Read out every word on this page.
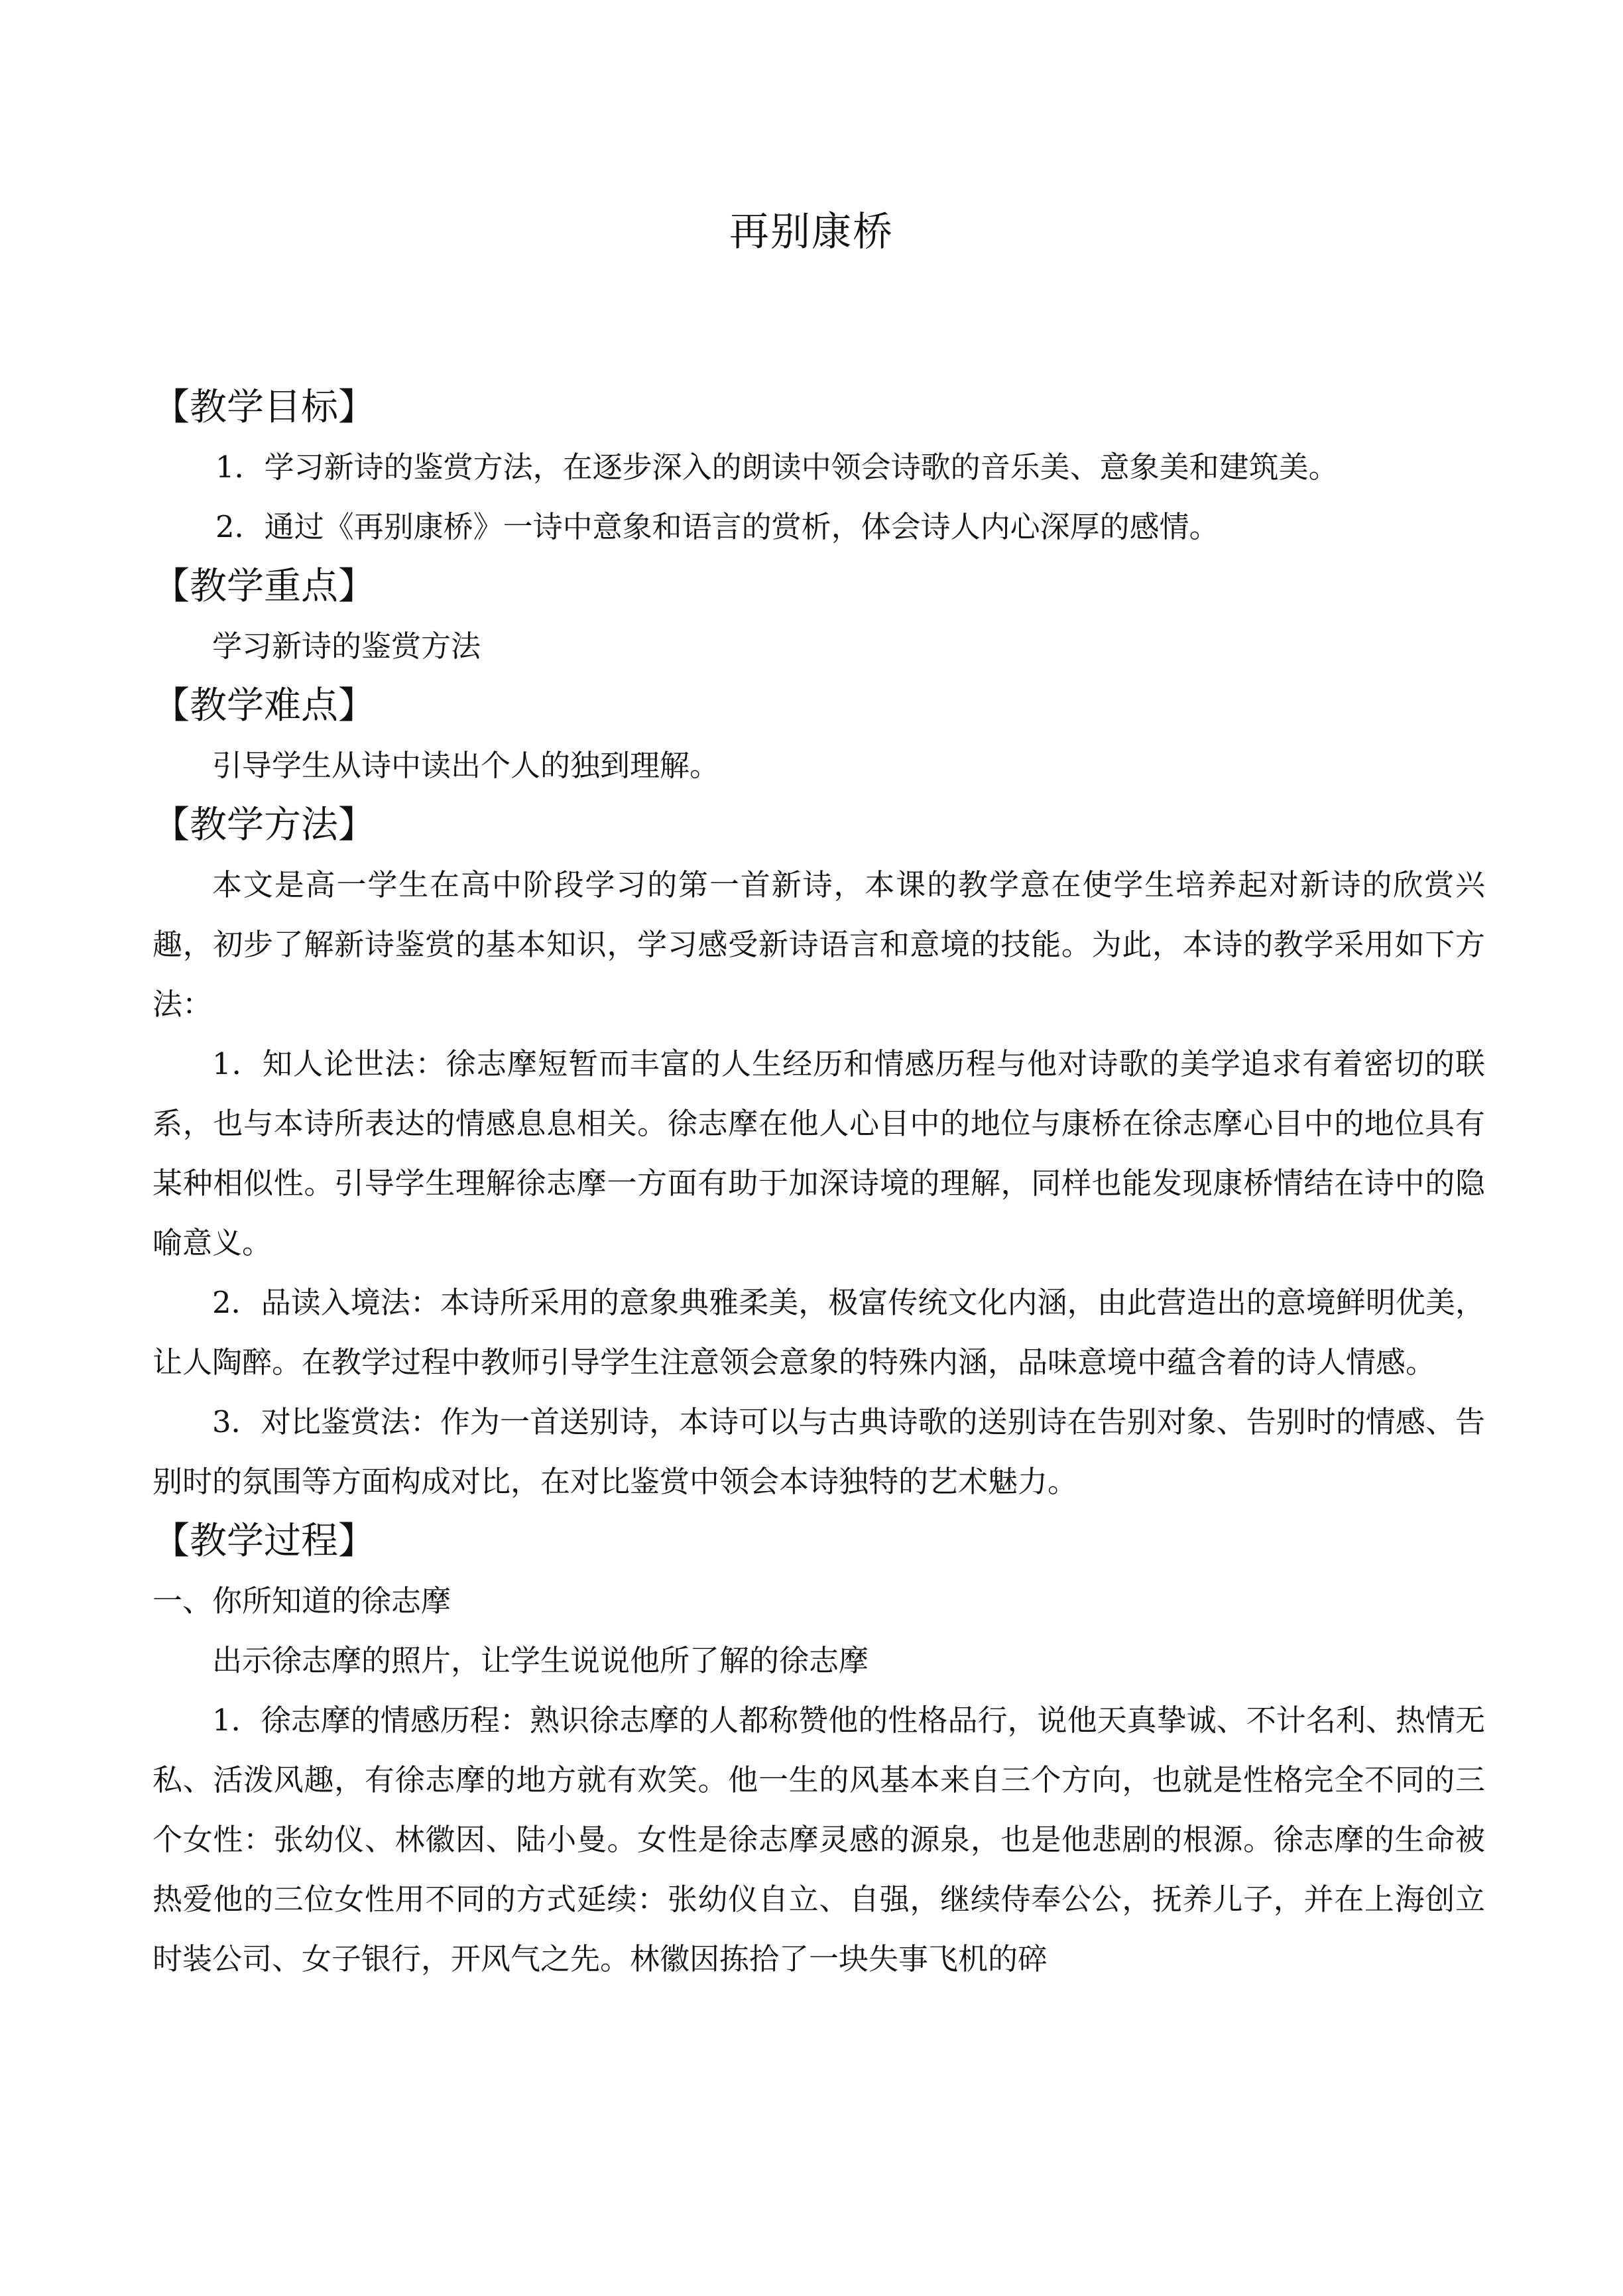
再别康桥
【教学目标】

1．学习新诗的鉴赏方法，在逐步深入的朗读中领会诗歌的音乐美、意象美和建筑美。

2．通过《再别康桥》一诗中意象和语言的赏析，体会诗人内心深厚的感情。

【教学重点】

学习新诗的鉴赏方法

【教学难点】

引导学生从诗中读出个人的独到理解。

【教学方法】

本文是高一学生在高中阶段学习的第一首新诗，本课的教学意在使学生培养起对新诗的欣赏兴趣，初步了解新诗鉴赏的基本知识，学习感受新诗语言和意境的技能。为此，本诗的教学采用如下方法：

1．知人论世法：徐志摩短暂而丰富的人生经历和情感历程与他对诗歌的美学追求有着密切的联系，也与本诗所表达的情感息息相关。徐志摩在他人心目中的地位与康桥在徐志摩心目中的地位具有某种相似性。引导学生理解徐志摩一方面有助于加深诗境的理解，同样也能发现康桥情结在诗中的隐喻意义。

2．品读入境法：本诗所采用的意象典雅柔美，极富传统文化内涵，由此营造出的意境鲜明优美，让人陶醉。在教学过程中教师引导学生注意领会意象的特殊内涵，品味意境中蕴含着的诗人情感。

3．对比鉴赏法：作为一首送别诗，本诗可以与古典诗歌的送别诗在告别对象、告别时的情感、告别时的氛围等方面构成对比，在对比鉴赏中领会本诗独特的艺术魅力。

【教学过程】

一、你所知道的徐志摩

出示徐志摩的照片，让学生说说他所了解的徐志摩

1．徐志摩的情感历程：熟识徐志摩的人都称赞他的性格品行，说他天真挚诚、不计名利、热情无私、活泼风趣，有徐志摩的地方就有欢笑。他一生的风基本来自三个方向，也就是性格完全不同的三个女性：张幼仪、林徽因、陆小曼。女性是徐志摩灵感的源泉，也是他悲剧的根源。徐志摩的生命被热爱他的三位女性用不同的方式延续：张幼仪自立、自强，继续侍奉公公，抚养儿子，并在上海创立时装公司、女子银行，开风气之先。林徽因拣拾了一块失事飞机的碎
